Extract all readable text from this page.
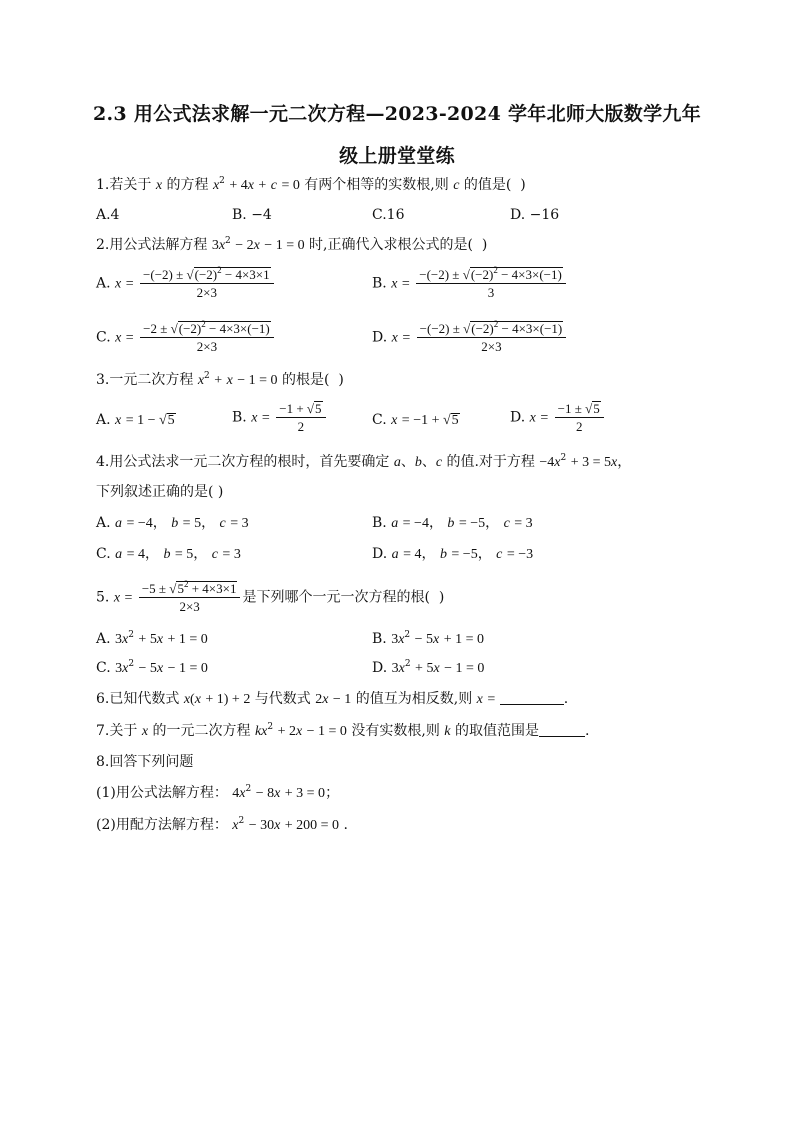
2.3 用公式法求解一元二次方程—2023-2024 学年北师大版数学九年
级上册堂堂练
1.若关于 x 的方程 $x^2 + 4x + c = 0$ 有两个相等的实数根,则 c 的值是(  )
A.4	B. −4	C.16	D. −16
2.用公式法解方程 $3x^2 - 2x - 1 = 0$ 时,正确代入求根公式的是(  )
A. $x = \frac{-(-2) \pm √(-2)^2 - 4\times 3\times 1}{2\times 3}$	B. $x = \frac{-(-2) \pm √(-2)^2 - 4\times 3\times(-1)}{3}$
C. $x = \frac{-2 \pm √(-2)^2 - 4\times 3\times(-1)}{2\times 3}$	D. $x = \frac{-(-2) \pm √(-2)^2 - 4\times 3\times(-1)}{2\times 3}$
3.一元二次方程 $x^2 + x - 1 = 0$ 的根是(  )
A. x = 1 − √5	B. $x = \frac{-1 + √5}{2}$	C. x = −1 + √5	D. $x = \frac{-1 \pm √5}{2}$
4.用公式法求一元二次方程的根时，首先要确定 a、b、c 的值.对于方程 $-4x^2 + 3 = 5x$，
下列叙述正确的是( )
A. a = −4， b = 5， c = 3	B. a = −4， b = −5， c = 3
C. a = 4， b = 5， c = 3	D. a = 4， b = −5， c = −3
5. $x = \frac{-5 \pm √5^2 + 4\times 3\times 1}{2\times 3}$ 是下列哪个一元一次方程的根(  )
A. $3x^2 + 5x + 1 = 0$	B. $3x^2 - 5x + 1 = 0$
C. $3x^2 - 5x - 1 = 0$	D. $3x^2 + 5x - 1 = 0$
6.已知代数式 x(x + 1) + 2 与代数式 2x − 1 的值互为相反数,则 x =	.
7.关于 x 的一元二次方程 $kx^2 + 2x - 1 = 0$ 没有实数根,则 k 的取值范围是	.
8.回答下列问题
(1)用公式法解方程： $4x^2 - 8x + 3 = 0$；
(2)用配方法解方程： $x^2 - 30x + 200 = 0$ .
